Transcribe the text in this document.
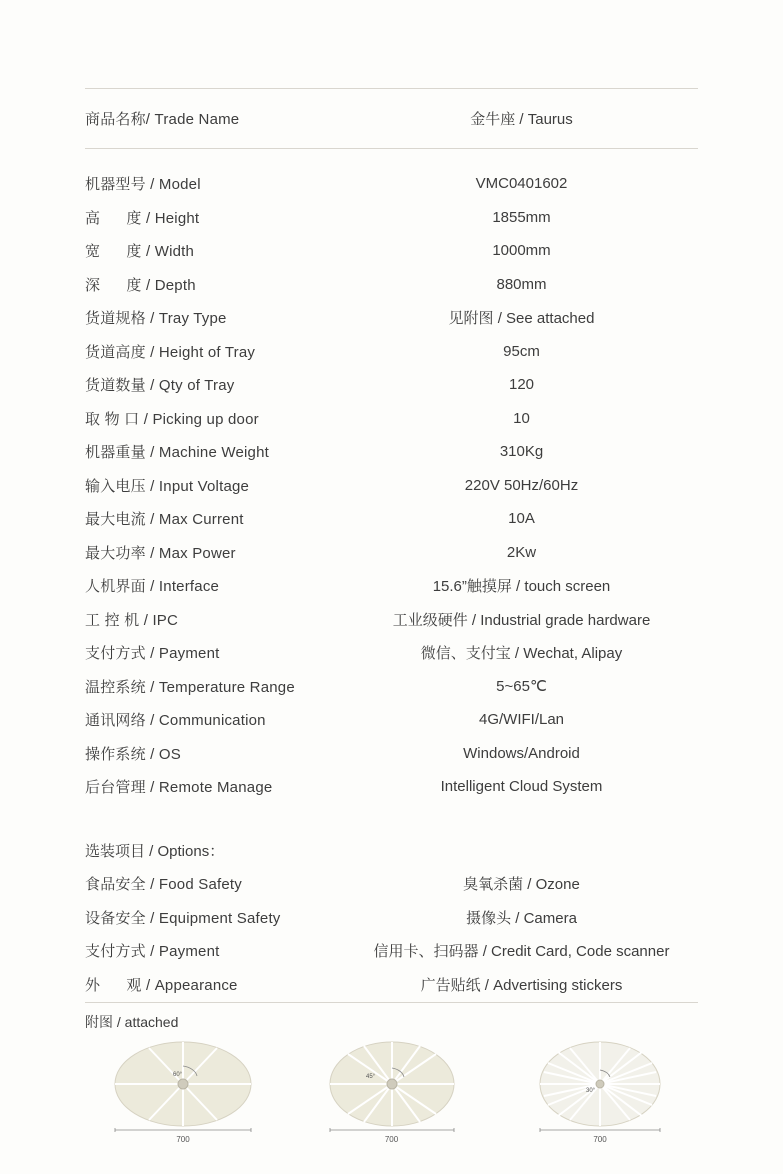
商品名称/ Trade Name	金牛座 / Taurus
机器型号 / Model	VMC0401602
高      度 / Height	1855mm
宽      度 / Width	1000mm
深      度 / Depth	880mm
货道规格 / Tray Type	见附图 / See attached
货道高度 / Height of Tray	95cm
货道数量 / Qty of Tray	120
取 物 口 / Picking up door	10
机器重量 / Machine Weight	310Kg
输入电压 / Input Voltage	220V 50Hz/60Hz
最大电流 / Max Current	10A
最大功率 / Max Power	2Kw
人机界面 / Interface	15.6”触摸屏 / touch screen
工 控 机 / IPC	工业级硬件 / Industrial grade hardware
支付方式 / Payment	微信、支付宝 / Wechat, Alipay
温控系统 / Temperature Range	5~65℃
通讯网络 / Communication	4G/WIFI/Lan
操作系统 / OS	Windows/Android
后台管理 / Remote Manage	Intelligent Cloud System
选装项目 / Options：
食品安全 / Food Safety	臭氧杀菌 / Ozone
设备安全 / Equipment Safety	摄像头 / Camera
支付方式 / Payment	信用卡、扫码器 / Credit Card, Code scanner
外      观 / Appearance	广告贴纸 / Advertising stickers
附图 / attached
60°
700
45°
700
30°
700
